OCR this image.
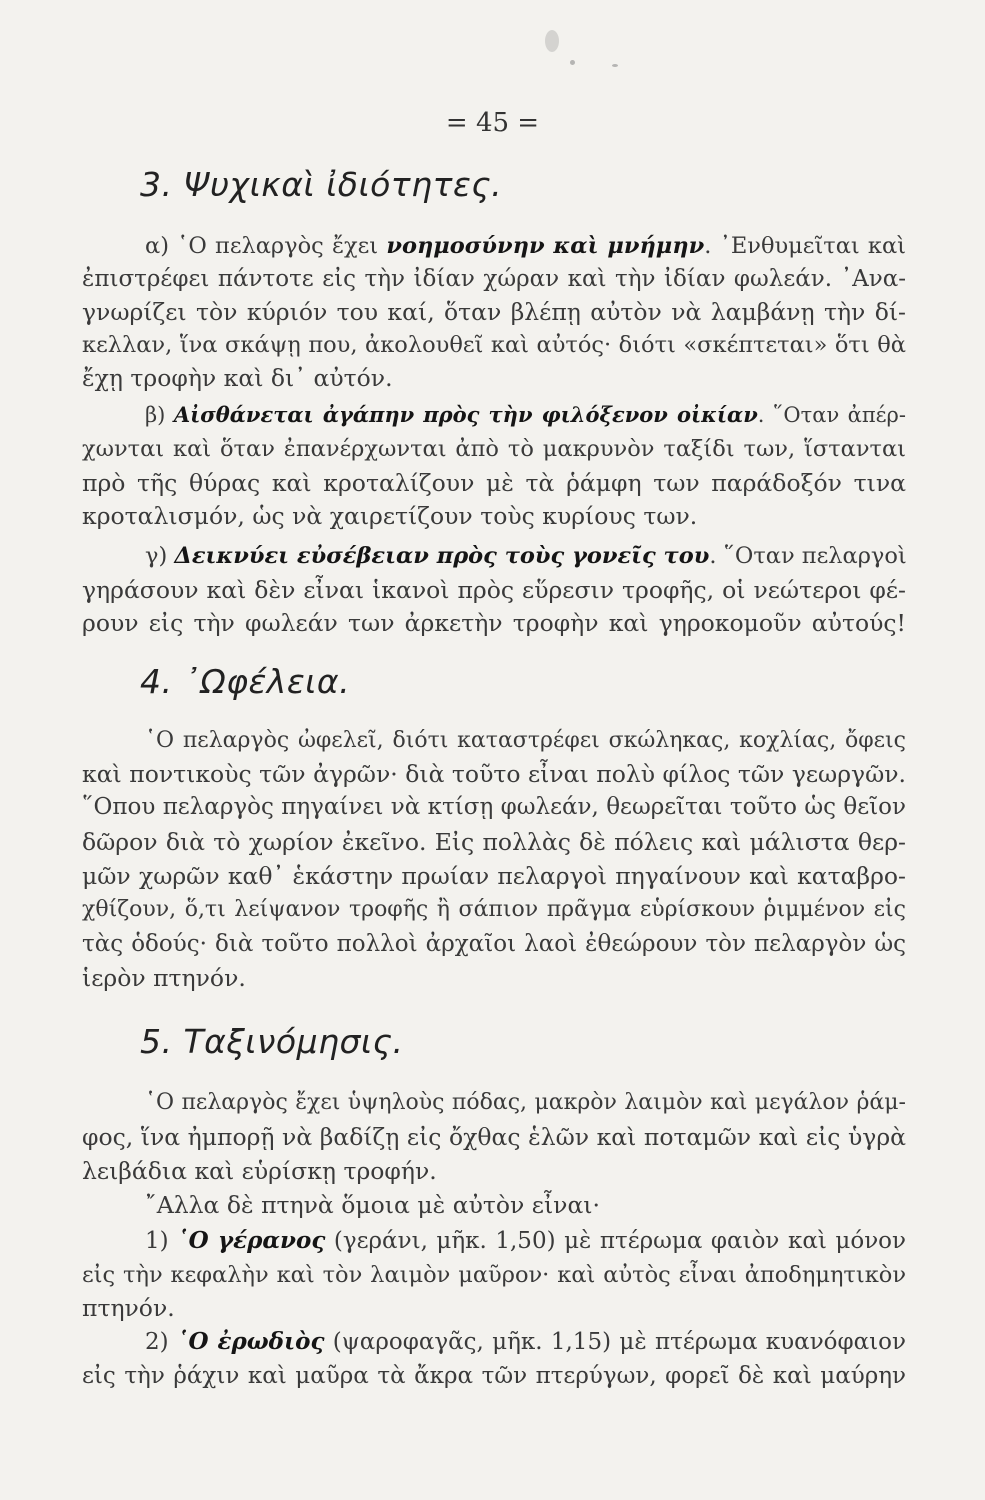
= 45 =
3. Ψυχικαὶ ἰδιότητες.
α) ῾Ο πελαργὸς ἔχει νοημοσύνην καὶ μνήμην. ᾽Ενθυμεῖται καὶ
ἐπιστρέφει πάντοτε εἰς τὴν ἰδίαν χώραν καὶ τὴν ἰδίαν φωλεάν. ᾽Ανα-
γνωρίζει τὸν κύριόν του καί, ὅταν βλέπῃ αὐτὸν νὰ λαμβάνῃ τὴν δί-
κελλαν, ἵνα σκάψῃ που, ἀκολουθεῖ καὶ αὐτός· διότι «σκέπτεται» ὅτι θὰ
ἔχῃ τροφὴν καὶ δι᾽ αὐτόν.
β) Αἰσθάνεται ἀγάπην πρὸς τὴν φιλόξενον οἰκίαν. ῞Οταν ἀπέρ-
χωνται καὶ ὅταν ἐπανέρχωνται ἀπὸ τὸ μακρυνὸν ταξίδι των, ἵστανται
πρὸ τῆς θύρας καὶ κροταλίζουν μὲ τὰ ῥάμφη των παράδοξόν τινα
κροταλισμόν, ὡς νὰ χαιρετίζουν τοὺς κυρίους των.
γ) Δεικνύει εὐσέβειαν πρὸς τοὺς γονεῖς του. ῞Οταν πελαργοὶ
γηράσουν καὶ δὲν εἶναι ἱκανοὶ πρὸς εὕρεσιν τροφῆς, οἱ νεώτεροι φέ-
ρουν εἰς τὴν φωλεάν των ἀρκετὴν τροφὴν καὶ γηροκομοῦν αὐτούς!
4. ᾽Ωφέλεια.
῾Ο πελαργὸς ὠφελεῖ, διότι καταστρέφει σκώληκας, κοχλίας, ὄφεις
καὶ ποντικοὺς τῶν ἀγρῶν· διὰ τοῦτο εἶναι πολὺ φίλος τῶν γεωργῶν.
῞Οπου πελαργὸς πηγαίνει νὰ κτίσῃ φωλεάν, θεωρεῖται τοῦτο ὡς θεῖον
δῶρον διὰ τὸ χωρίον ἐκεῖνο. Εἰς πολλὰς δὲ πόλεις καὶ μάλιστα θερ-
μῶν χωρῶν καθ᾽ ἑκάστην πρωίαν πελαργοὶ πηγαίνουν καὶ καταβρο-
χθίζουν, ὅ,τι λείψανον τροφῆς ἢ σάπιον πρᾶγμα εὑρίσκουν ῥιμμένον εἰς
τὰς ὁδούς· διὰ τοῦτο πολλοὶ ἀρχαῖοι λαοὶ ἐθεώρουν τὸν πελαργὸν ὡς
ἱερὸν πτηνόν.
5. Ταξινόμησις.
῾Ο πελαργὸς ἔχει ὑψηλοὺς πόδας, μακρὸν λαιμὸν καὶ μεγάλον ῥάμ-
φος, ἵνα ἠμπορῇ νὰ βαδίζῃ εἰς ὄχθας ἑλῶν καὶ ποταμῶν καὶ εἰς ὑγρὰ
λειβάδια καὶ εὑρίσκῃ τροφήν.
῎Αλλα δὲ πτηνὰ ὅμοια μὲ αὐτὸν εἶναι·
1) ῾Ο γέρανος (γεράνι, μῆκ. 1,50) μὲ πτέρωμα φαιὸν καὶ μόνον
εἰς τὴν κεφαλὴν καὶ τὸν λαιμὸν μαῦρον· καὶ αὐτὸς εἶναι ἀποδημητικὸν
πτηνόν.
2) ῾Ο ἐρωδιὸς (ψαροφαγᾶς, μῆκ. 1,15) μὲ πτέρωμα κυανόφαιον
εἰς τὴν ῥάχιν καὶ μαῦρα τὰ ἄκρα τῶν πτερύγων, φορεῖ δὲ καὶ μαύρην
